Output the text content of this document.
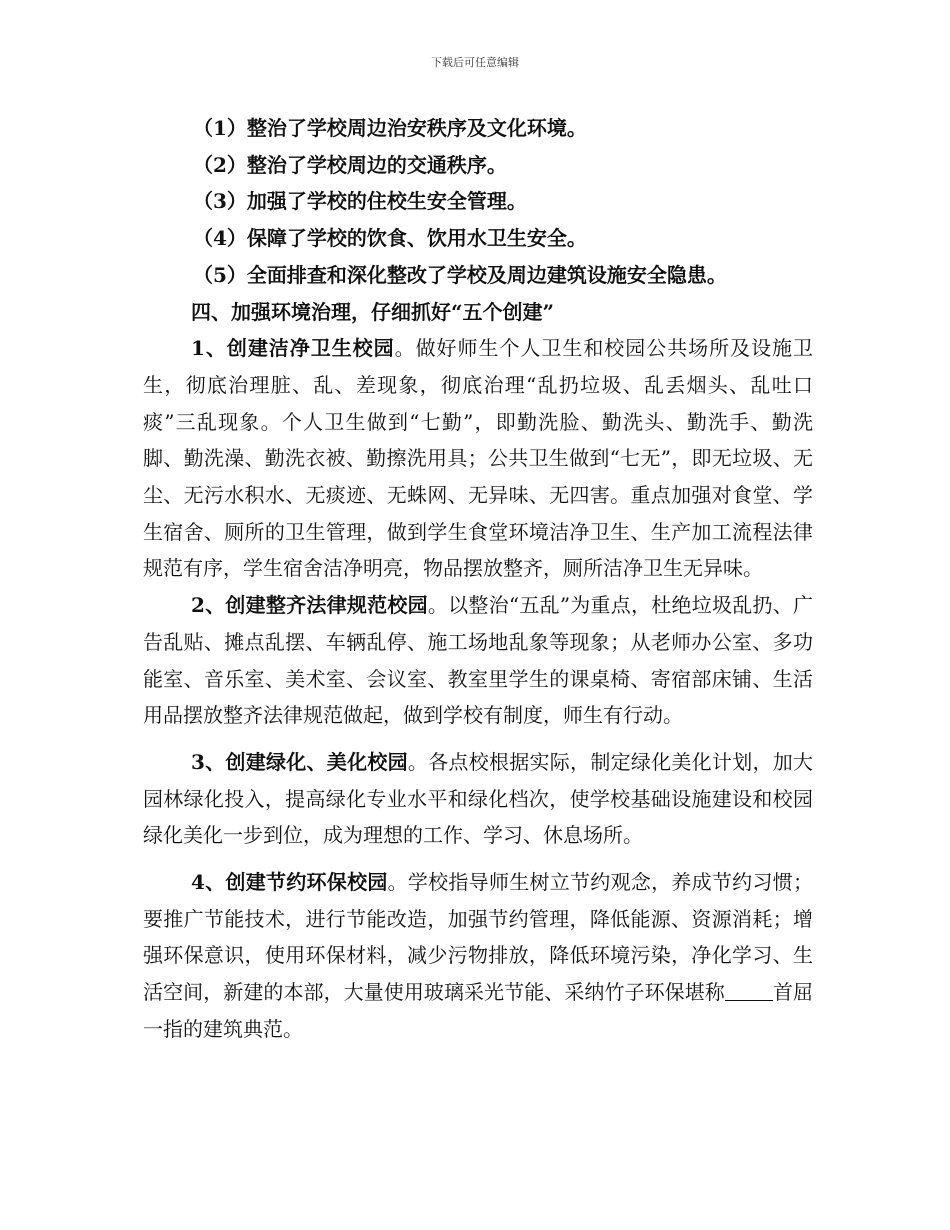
下载后可任意编辑
（1）整治了学校周边治安秩序及文化环境。
（2）整治了学校周边的交通秩序。
（3）加强了学校的住校生安全管理。
（4）保障了学校的饮食、饮用水卫生安全。
（5）全面排查和深化整改了学校及周边建筑设施安全隐患。
四、加强环境治理，仔细抓好“五个创建”

1、创建洁净卫生校园。做好师生个人卫生和校园公共场所及设施卫生，彻底治理脏、乱、差现象，彻底治理“乱扔垃圾、乱丢烟头、乱吐口痰”三乱现象。个人卫生做到“七勤”，即勤洗脸、勤洗头、勤洗手、勤洗脚、勤洗澡、勤洗衣被、勤擦洗用具；公共卫生做到“七无”，即无垃圾、无尘、无污水积水、无痰迹、无蛛网、无异味、无四害。重点加强对食堂、学生宿舍、厕所的卫生管理，做到学生食堂环境洁净卫生、生产加工流程法律规范有序，学生宿舍洁净明亮，物品摆放整齐，厕所洁净卫生无异味。

2、创建整齐法律规范校园。以整治“五乱”为重点，杜绝垃圾乱扔、广告乱贴、摊点乱摆、车辆乱停、施工场地乱象等现象；从老师办公室、多功能室、音乐室、美术室、会议室、教室里学生的课桌椅、寄宿部床铺、生活用品摆放整齐法律规范做起，做到学校有制度，师生有行动。

3、创建绿化、美化校园。各点校根据实际，制定绿化美化计划，加大园林绿化投入，提高绿化专业水平和绿化档次，使学校基础设施建设和校园绿化美化一步到位，成为理想的工作、学习、休息场所。

4、创建节约环保校园。学校指导师生树立节约观念，养成节约习惯；要推广节能技术，进行节能改造，加强节约管理，降低能源、资源消耗；增强环保意识，使用环保材料，减少污物排放，降低环境污染，净化学习、生活空间，新建的本部，大量使用玻璃采光节能、采纳竹子环保堪称 首屈一指的建筑典范。
